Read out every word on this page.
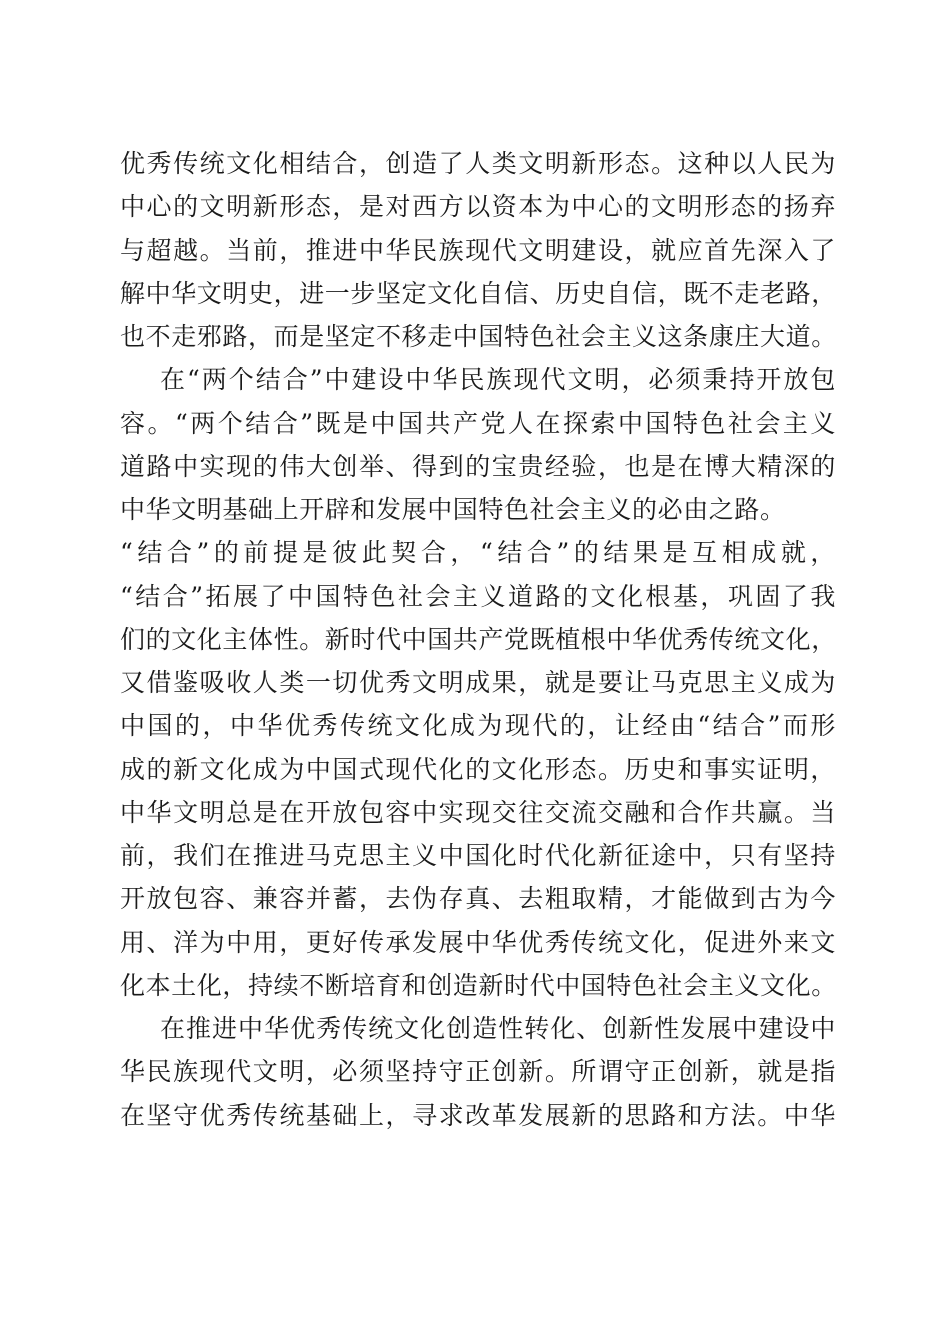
优秀传统文化相结合，创造了人类文明新形态。这种以人民为
中心的文明新形态，是对西方以资本为中心的文明形态的扬弃
与超越。当前，推进中华民族现代文明建设，就应首先深入了
解中华文明史，进一步坚定文化自信、历史自信，既不走老路，
也不走邪路，而是坚定不移走中国特色社会主义这条康庄大道。
在“两个结合”中建设中华民族现代文明，必须秉持开放包
容。“两个结合”既是中国共产党人在探索中国特色社会主义
道路中实现的伟大创举、得到的宝贵经验，也是在博大精深的
中华文明基础上开辟和发展中国特色社会主义的必由之路。
“结合”的前提是彼此契合，“结合”的结果是互相成就，
“结合”拓展了中国特色社会主义道路的文化根基，巩固了我
们的文化主体性。新时代中国共产党既植根中华优秀传统文化，
又借鉴吸收人类一切优秀文明成果，就是要让马克思主义成为
中国的，中华优秀传统文化成为现代的，让经由“结合”而形
成的新文化成为中国式现代化的文化形态。历史和事实证明，
中华文明总是在开放包容中实现交往交流交融和合作共赢。当
前，我们在推进马克思主义中国化时代化新征途中，只有坚持
开放包容、兼容并蓄，去伪存真、去粗取精，才能做到古为今
用、洋为中用，更好传承发展中华优秀传统文化，促进外来文
化本土化，持续不断培育和创造新时代中国特色社会主义文化。
在推进中华优秀传统文化创造性转化、创新性发展中建设中
华民族现代文明，必须坚持守正创新。所谓守正创新，就是指
在坚守优秀传统基础上，寻求改革发展新的思路和方法。中华
